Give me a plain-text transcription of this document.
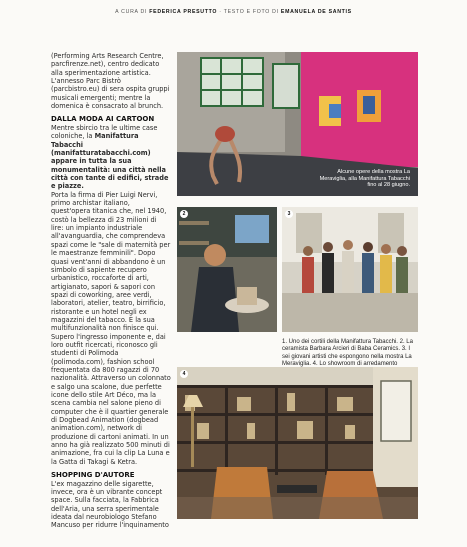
A CURA DI FEDERICA PRESUTTO · TESTO E FOTO DI EMANUELA DE SANTIS

(Performing Arts Research Centre, parcfirenze.net), centro dedicato alla sperimentazione artistica. L'annesso Parc Bistrò (parcbistro.eu) di sera ospita gruppi musicali emergenti; mentre la domenica è consacrato al brunch.

DALLA MODA AI CARTOON

Mentre sbircio tra le ultime case coloniche, la Manifattura Tabacchi (manifatturatabacchi.com) appare in tutta la sua monumentalità: una città nella città con tante di edifici, strade e piazze.

Porta la firma di Pier Luigi Nervi, primo archistar italiano, quest'opera titanica che, nel 1940, costò la bellezza di 23 milioni di lire: un impianto industriale all'avanguardia, che comprendeva spazi come le "sale di maternità per le maestranze femminili". Dopo quasi vent'anni di abbandono è un simbolo di sapiente recupero urbanistico, roccaforte di arti, artigianato, sapori & sapori con spazi di coworking, aree verdi, laboratori, atelier, teatro, birrificio, ristorante e un hotel negli ex magazzini del tabacco. E la sua multifunzionalità non finisce qui. Supero l'ingresso imponente e, dai loro outfit ricercati, riconosco gli studenti di Polimoda (polimoda.com), fashion school frequentata da 800 ragazzi di 70 nazionalità. Attraverso un colonnato e salgo una scalone, due perfette icone dello stile Art Déco, ma la scena cambia nel salone pieno di computer che è il quartier generale di Dogbead Animation (dogbead animation.com), network di produzione di cartoni animati. In un anno ha già realizzato 500 minuti di animazione, fra cui la clip La Luna e la Gatta di Takagi & Ketra.

SHOPPING D'AUTORE

L'ex magazzino delle sigarette, invece, ora è un vibrante concept space. Sulla facciata, la Fabbrica dell'Aria, una serra sperimentale ideata dal neurobiologo Stefano Mancuso per ridurre l'inquinamento

Alcune opere della mostra La Meraviglia, alla Manifattura Tabacchi fino al 28 giugno.
2	3
1. Uno dei cortili della Manifattura Tabacchi. 2. La ceramista Barbara Arcieri di Baba Ceramics. 3. I sei giovani artisti che espongono nella mostra La Meraviglia. 4. Lo showroom di arredamento
4
